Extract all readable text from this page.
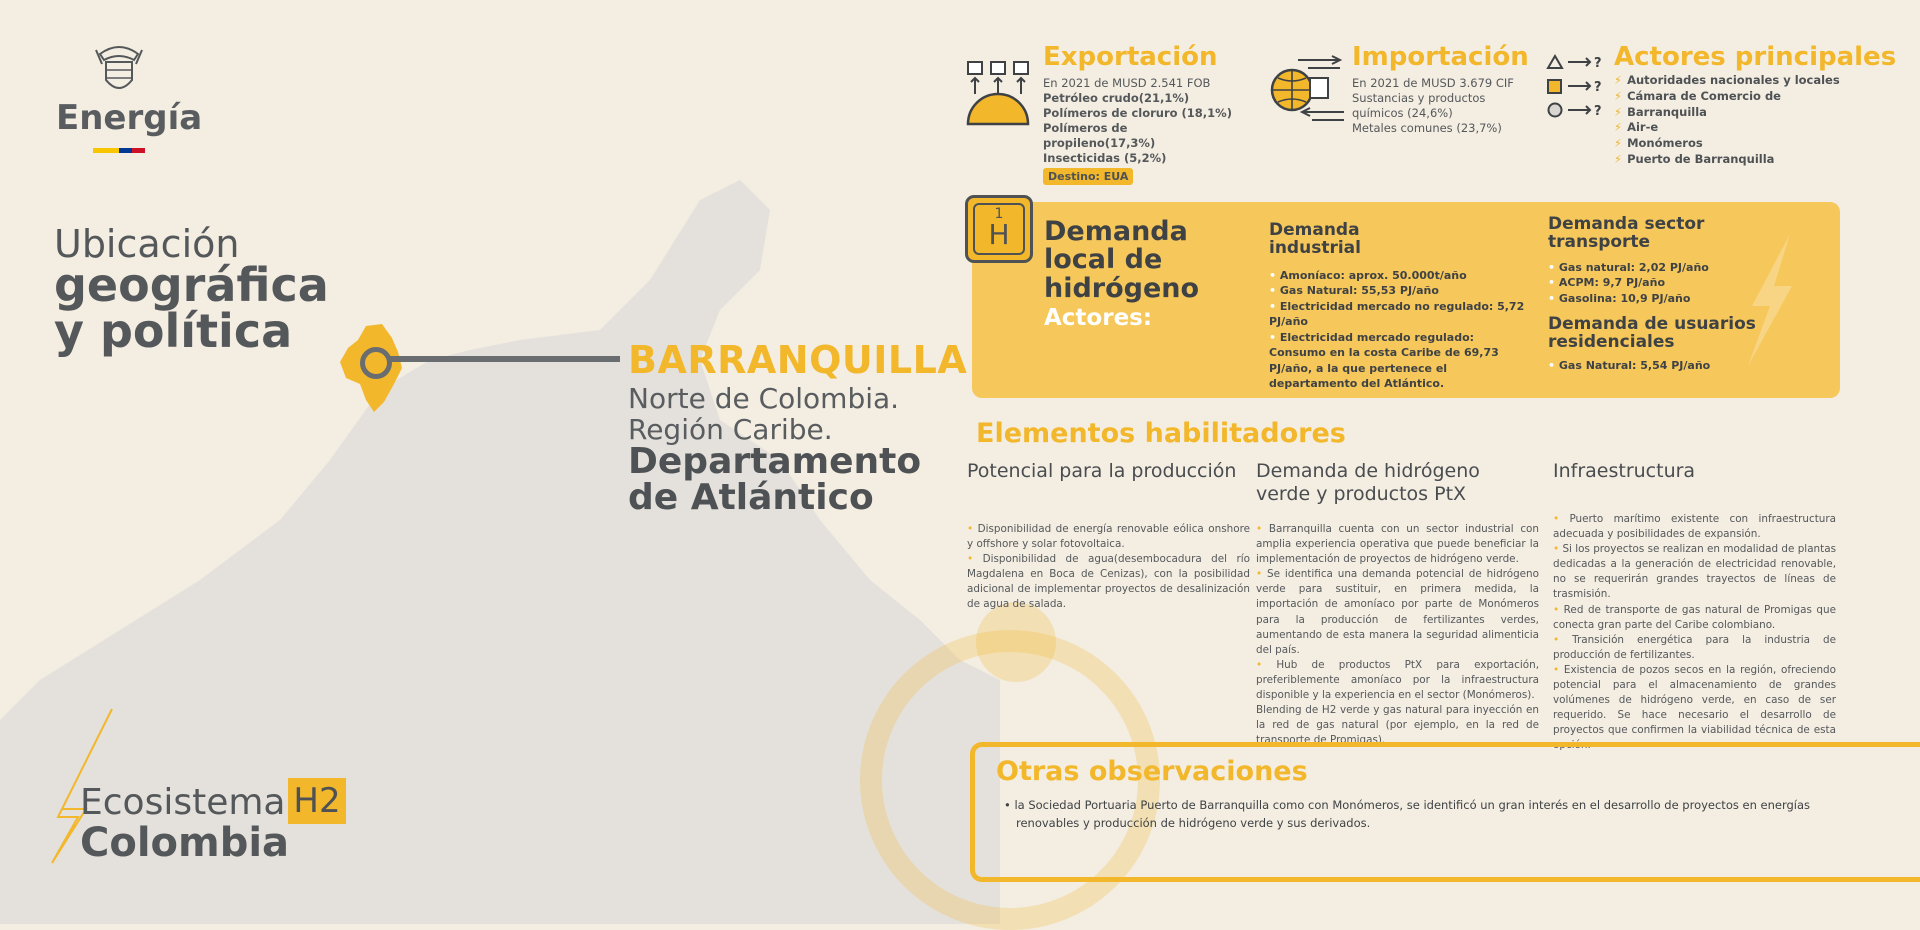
Energía
Ubicación
geográfica y política
BARRANQUILLA
Norte de Colombia.
Región Caribe.
Departamento de Atlántico
Ecosistema H2
Colombia
Exportación
En 2021 de MUSD 2.541 FOB
Petróleo crudo(21,1%)
Polímeros de cloruro (18,1%)
Polímeros de propileno(17,3%)
Insecticidas (5,2%)
Destino: EUA
Importación
En 2021 de MUSD 3.679 CIF
Sustancias y productos
químicos (24,6%)
Metales comunes (23,7%)
?
?
?
Actores principales
⚡ Autoridades nacionales y locales
⚡ Cámara de Comercio de
⚡ Barranquilla
⚡ Air-e
⚡ Monómeros
⚡ Puerto de Barranquilla
1
H	Demanda local de hidrógeno
Actores:
Demanda industrial
• Amoníaco: aprox. 50.000t/año
• Gas Natural: 55,53 PJ/año
• Electricidad mercado no regulado: 5,72 PJ/año
• Electricidad mercado regulado: Consumo en la costa Caribe de 69,73 PJ/año, a la que pertenece el departamento del Atlántico.
Demanda sector transporte
• Gas natural: 2,02 PJ/año
• ACPM: 9,7 PJ/año
• Gasolina: 10,9 PJ/año
Demanda de usuarios residenciales
• Gas Natural: 5,54 PJ/año
Elementos habilitadores
Potencial para la producción
• Disponibilidad de energía renovable eólica onshore y offshore y solar fotovoltaica.
• Disponibilidad de agua(desembocadura del río Magdalena en Boca de Cenizas), con la posibilidad adicional de implementar proyectos de desalinización de agua de salada.
Demanda de hidrógeno verde y productos PtX
• Barranquilla cuenta con un sector industrial con amplia experiencia operativa que puede beneficiar la implementación de proyectos de hidrógeno verde.
• Se identifica una demanda potencial de hidrógeno verde para sustituir, en primera medida, la importación de amoníaco por parte de Monómeros para la producción de fertilizantes verdes, aumentando de esta manera la seguridad alimenticia del país.
• Hub de productos PtX para exportación, preferiblemente amoníaco por la infraestructura disponible y la experiencia en el sector (Monómeros).
Blending de H2 verde y gas natural para inyección en la red de gas natural (por ejemplo, en la red de transporte de Promigas).
Infraestructura
• Puerto marítimo existente con infraestructura adecuada y posibilidades de expansión.
• Si los proyectos se realizan en modalidad de plantas dedicadas a la generación de electricidad renovable, no se requerirán grandes trayectos de líneas de trasmisión.
• Red de transporte de gas natural de Promigas que conecta gran parte del Caribe colombiano.
• Transición energética para la industria de producción de fertilizantes.
• Existencia de pozos secos en la región, ofreciendo potencial para el almacenamiento de grandes volúmenes de hidrógeno verde, en caso de ser requerido. Se hace necesario el desarrollo de proyectos que confirmen la viabilidad técnica de esta opción.
Otras observaciones
• la Sociedad Portuaria Puerto de Barranquilla como con Monómeros, se identificó un gran interés en el desarrollo de proyectos en energías renovables y producción de hidrógeno verde y sus derivados.
